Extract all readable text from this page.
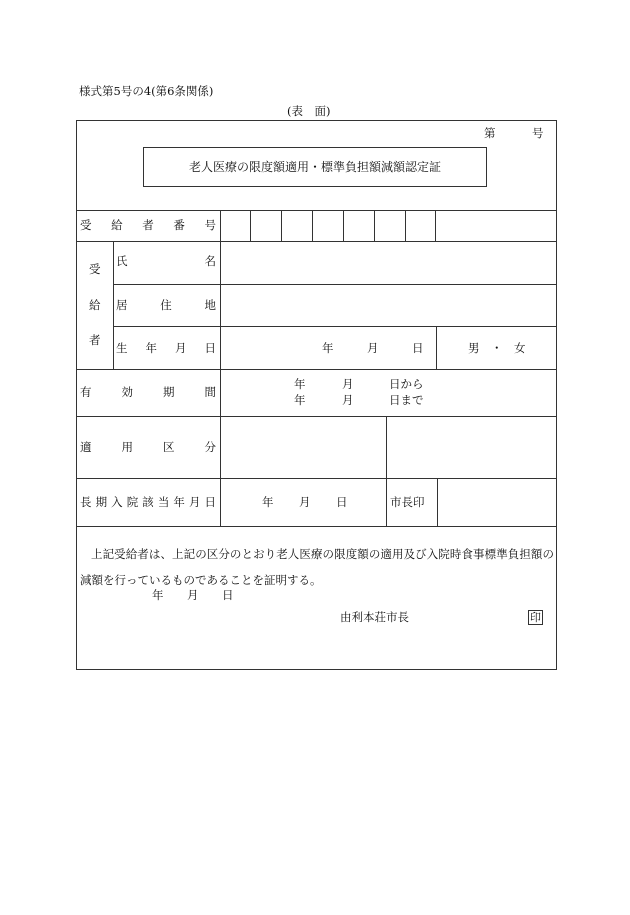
様式第5号の4(第6条関係)
(表　面)
第	号
老人医療の限度額適用・標準負担額減額認定証
受 給 者 番 号
受
給
者
氏	名
居	住	地
生 年 月 日	年	月	日	男　・　女
有	効	期	間
年	月	日から
年	月	日まで
適	用	区	分
長 期 入 院 該 当 年 月 日	年 月 日	市長印
上記受給者は、上記の区分のとおり老人医療の限度額の適用及び入院時食事標準負担額の減額を行っているものであることを証明する。
年 月 日
由利本荘市長	印
